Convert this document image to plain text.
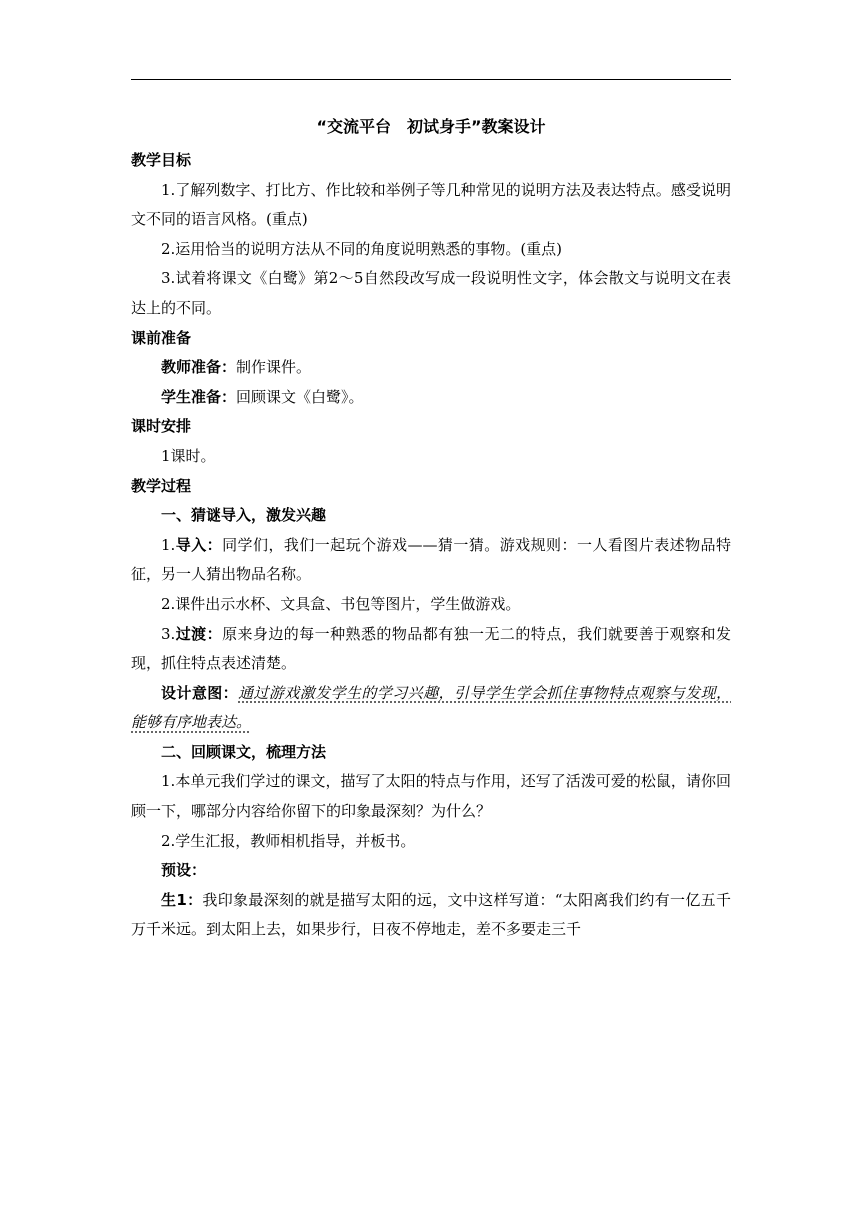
“交流平台　初试身手”教案设计
教学目标

1.了解列数字、打比方、作比较和举例子等几种常见的说明方法及表达特点。感受说明文不同的语言风格。(重点)

2.运用恰当的说明方法从不同的角度说明熟悉的事物。(重点)

3.试着将课文《白鹭》第2～5自然段改写成一段说明性文字，体会散文与说明文在表达上的不同。

课前准备

教师准备：制作课件。

学生准备：回顾课文《白鹭》。

课时安排

1课时。

教学过程
一、猜谜导入，激发兴趣

1.导入：同学们，我们一起玩个游戏——猜一猜。游戏规则：一人看图片表述物品特征，另一人猜出物品名称。

2.课件出示水杯、文具盒、书包等图片，学生做游戏。

3.过渡：原来身边的每一种熟悉的物品都有独一无二的特点，我们就要善于观察和发现，抓住特点表述清楚。

设计意图：通过游戏激发学生的学习兴趣，引导学生学会抓住事物特点观察与发现，能够有序地表达。

二、回顾课文，梳理方法

1.本单元我们学过的课文，描写了太阳的特点与作用，还写了活泼可爱的松鼠，请你回顾一下，哪部分内容给你留下的印象最深刻？为什么？

2.学生汇报，教师相机指导，并板书。

预设：

生1：我印象最深刻的就是描写太阳的远，文中这样写道：“太阳离我们约有一亿五千万千米远。到太阳上去，如果步行，日夜不停地走，差不多要走三千
